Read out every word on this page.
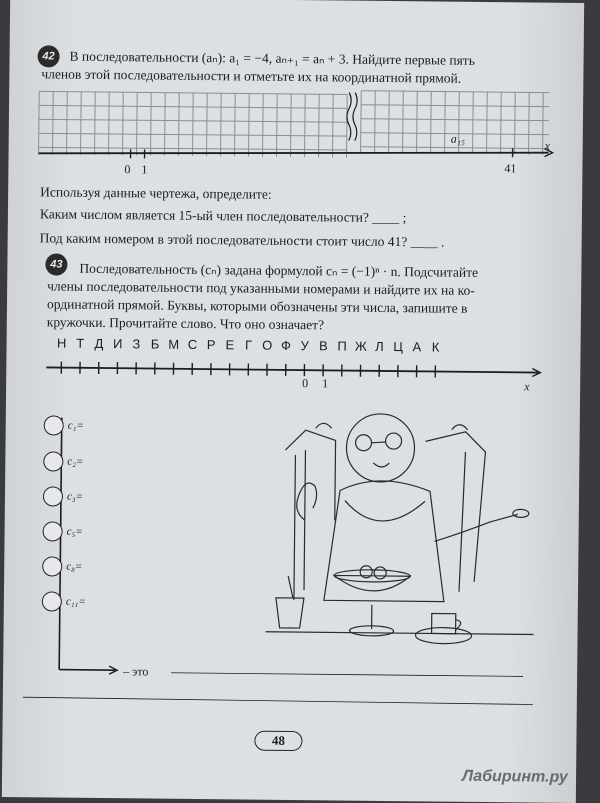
42 В последовательности (aₙ): a₁ = −4, aₙ₊₁ = aₙ + 3. Найдите первые пять
членов этой последовательности и отметьте их на координатной прямой.
0 1
a₁₅
41
x
Используя данные чертежа, определите:
Каким числом является 15-ый член последовательности? ____ ;
Под каким номером в этой последовательности стоит число 41? ____ .
43 Последовательность (cₙ) задана формулой cₙ = (−1)ⁿ · n. Подсчитайте
члены последовательности под указанными номерами и найдите их на ко-
ординатной прямой. Буквы, которыми обозначены эти числа, запишите в
кружочки. Прочитайте слово. Что оно означает?
Н Т Д И З Б М С Р Е Г О Ф У В П Ж Л Ц А К
0 1	x
c₁=
c₂=
c₃=
c₅=
c₈=
c₁₁=
– это
48
Лабиринт.ру
